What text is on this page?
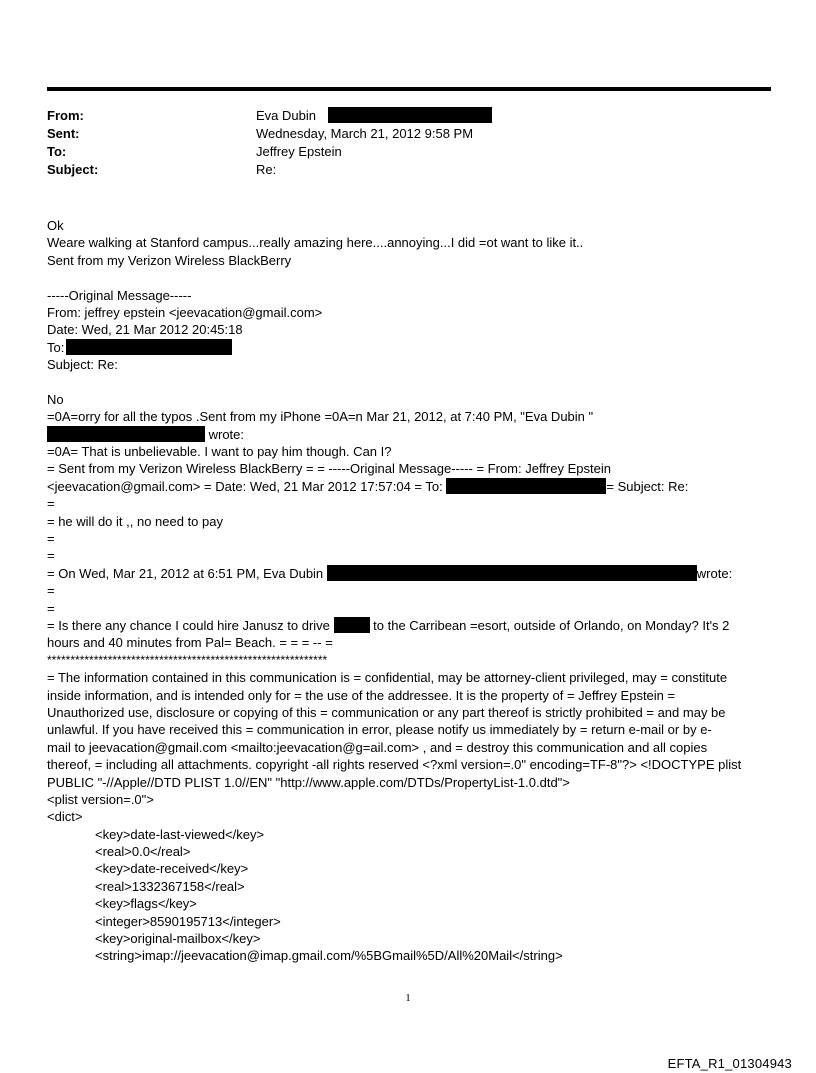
From:	Eva Dubin
Sent:	Wednesday, March 21, 2012 9:58 PM
To:	Jeffrey Epstein
Subject:	Re:
Ok
Weare walking at Stanford campus...really amazing here....annoying...I did =ot want to like it..
Sent from my Verizon Wireless BlackBerry
-----Original Message-----
From: jeffrey epstein <jeevacation@gmail.com>
Date: Wed, 21 Mar 2012 20:45:18
To:
Subject: Re:
No
=0A=orry for all the typos .Sent from my iPhone =0A=n Mar 21, 2012, at 7:40 PM, "Eva Dubin "
wrote:
=0A= That is unbelievable. I want to pay him though. Can I?
= Sent from my Verizon Wireless BlackBerry = = -----Original Message----- = From: Jeffrey Epstein
<jeevacation@gmail.com> = Date: Wed, 21 Mar 2012 17:57:04 = To:	= Subject: Re:
=
= he will do it ,, no need to pay
=
=
= On Wed, Mar 21, 2012 at 6:51 PM, Eva Dubin	wrote:
=
=
= Is there any chance I could hire Janusz to drive	to the Carribean =esort, outside of Orlando, on Monday? It's 2
hours and 40 minutes from Pal= Beach. = = = -- =
************************************************************
= The information contained in this communication is = confidential, may be attorney-client privileged, may = constitute
inside information, and is intended only for = the use of the addressee. It is the property of = Jeffrey Epstein =
Unauthorized use, disclosure or copying of this = communication or any part thereof is strictly prohibited = and may be
unlawful. If you have received this = communication in error, please notify us immediately by = return e-mail or by e-
mail to jeevacation@gmail.com <mailto:jeevacation@g=ail.com> , and = destroy this communication and all copies
thereof, = including all attachments. copyright -all rights reserved <?xml version=.0" encoding=TF-8"?> <!DOCTYPE plist
PUBLIC "-//Apple//DTD PLIST 1.0//EN" "http://www.apple.com/DTDs/PropertyList-1.0.dtd">
<plist version=.0">
<dict>
<key>date-last-viewed</key>
<real>0.0</real>
<key>date-received</key>
<real>1332367158</real>
<key>flags</key>
<integer>8590195713</integer>
<key>original-mailbox</key>
<string>imap://jeevacation@imap.gmail.com/%5BGmail%5D/All%20Mail</string>
1
EFTA_R1_01304943
